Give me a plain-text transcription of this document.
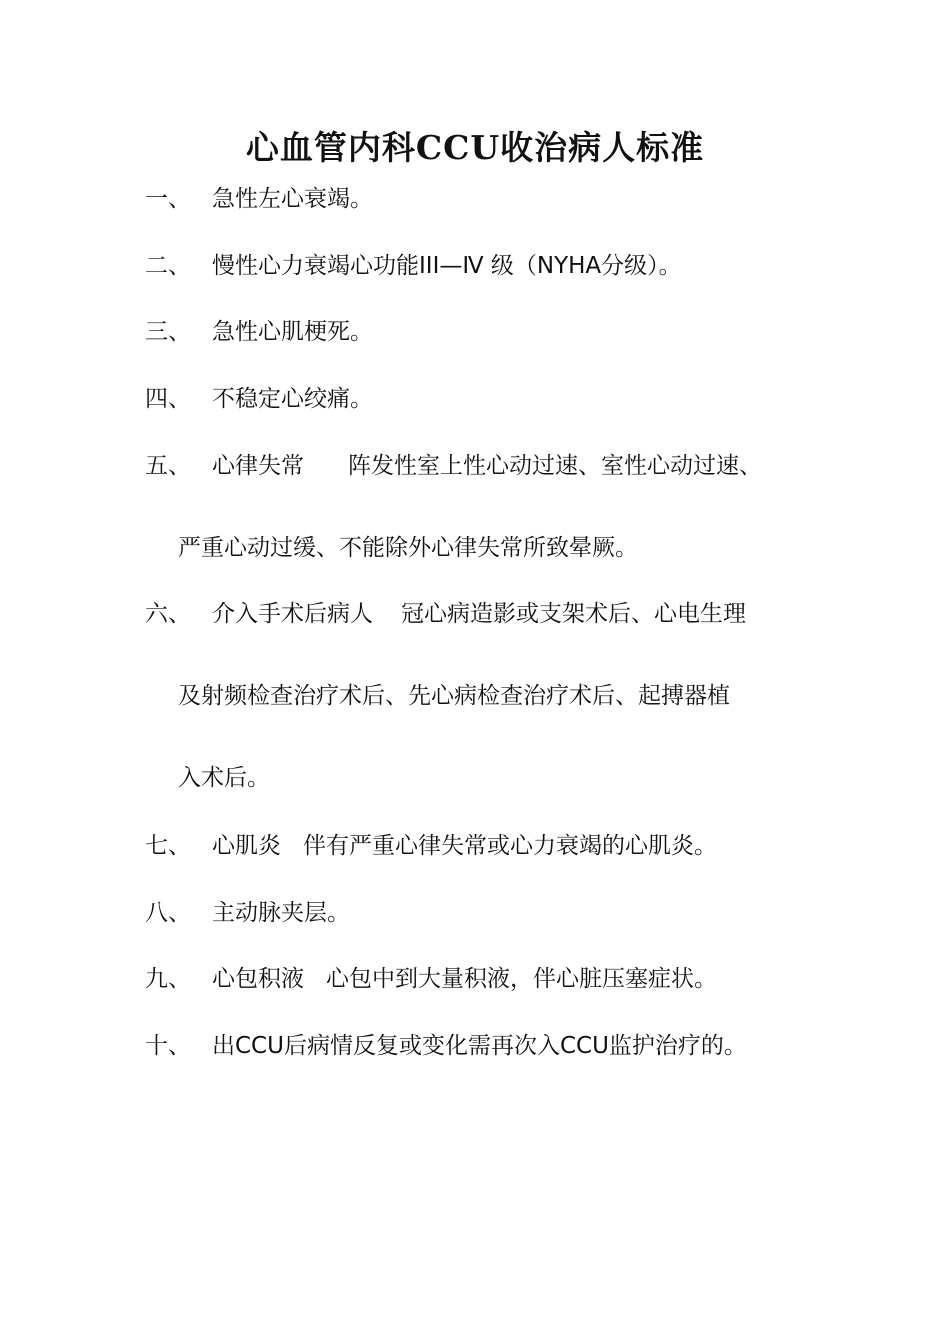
心血管内科CCU收治病人标准
一、 急性左心衰竭。
二、 慢性心力衰竭心功能III—Ⅳ 级（NYHA分级）。
三、 急性心肌梗死。
四、 不稳定心绞痛。
五、 心律失常 阵发性室上性心动过速、室性心动过速、
严重心动过缓、不能除外心律失常所致晕厥。
六、 介入手术后病人 冠心病造影或支架术后、心电生理
及射频检查治疗术后、先心病检查治疗术后、起搏器植
入术后。
七、 心肌炎 伴有严重心律失常或心力衰竭的心肌炎。
八、 主动脉夹层。
九、 心包积液 心包中到大量积液，伴心脏压塞症状。
十、 出CCU后病情反复或变化需再次入CCU监护治疗的。
